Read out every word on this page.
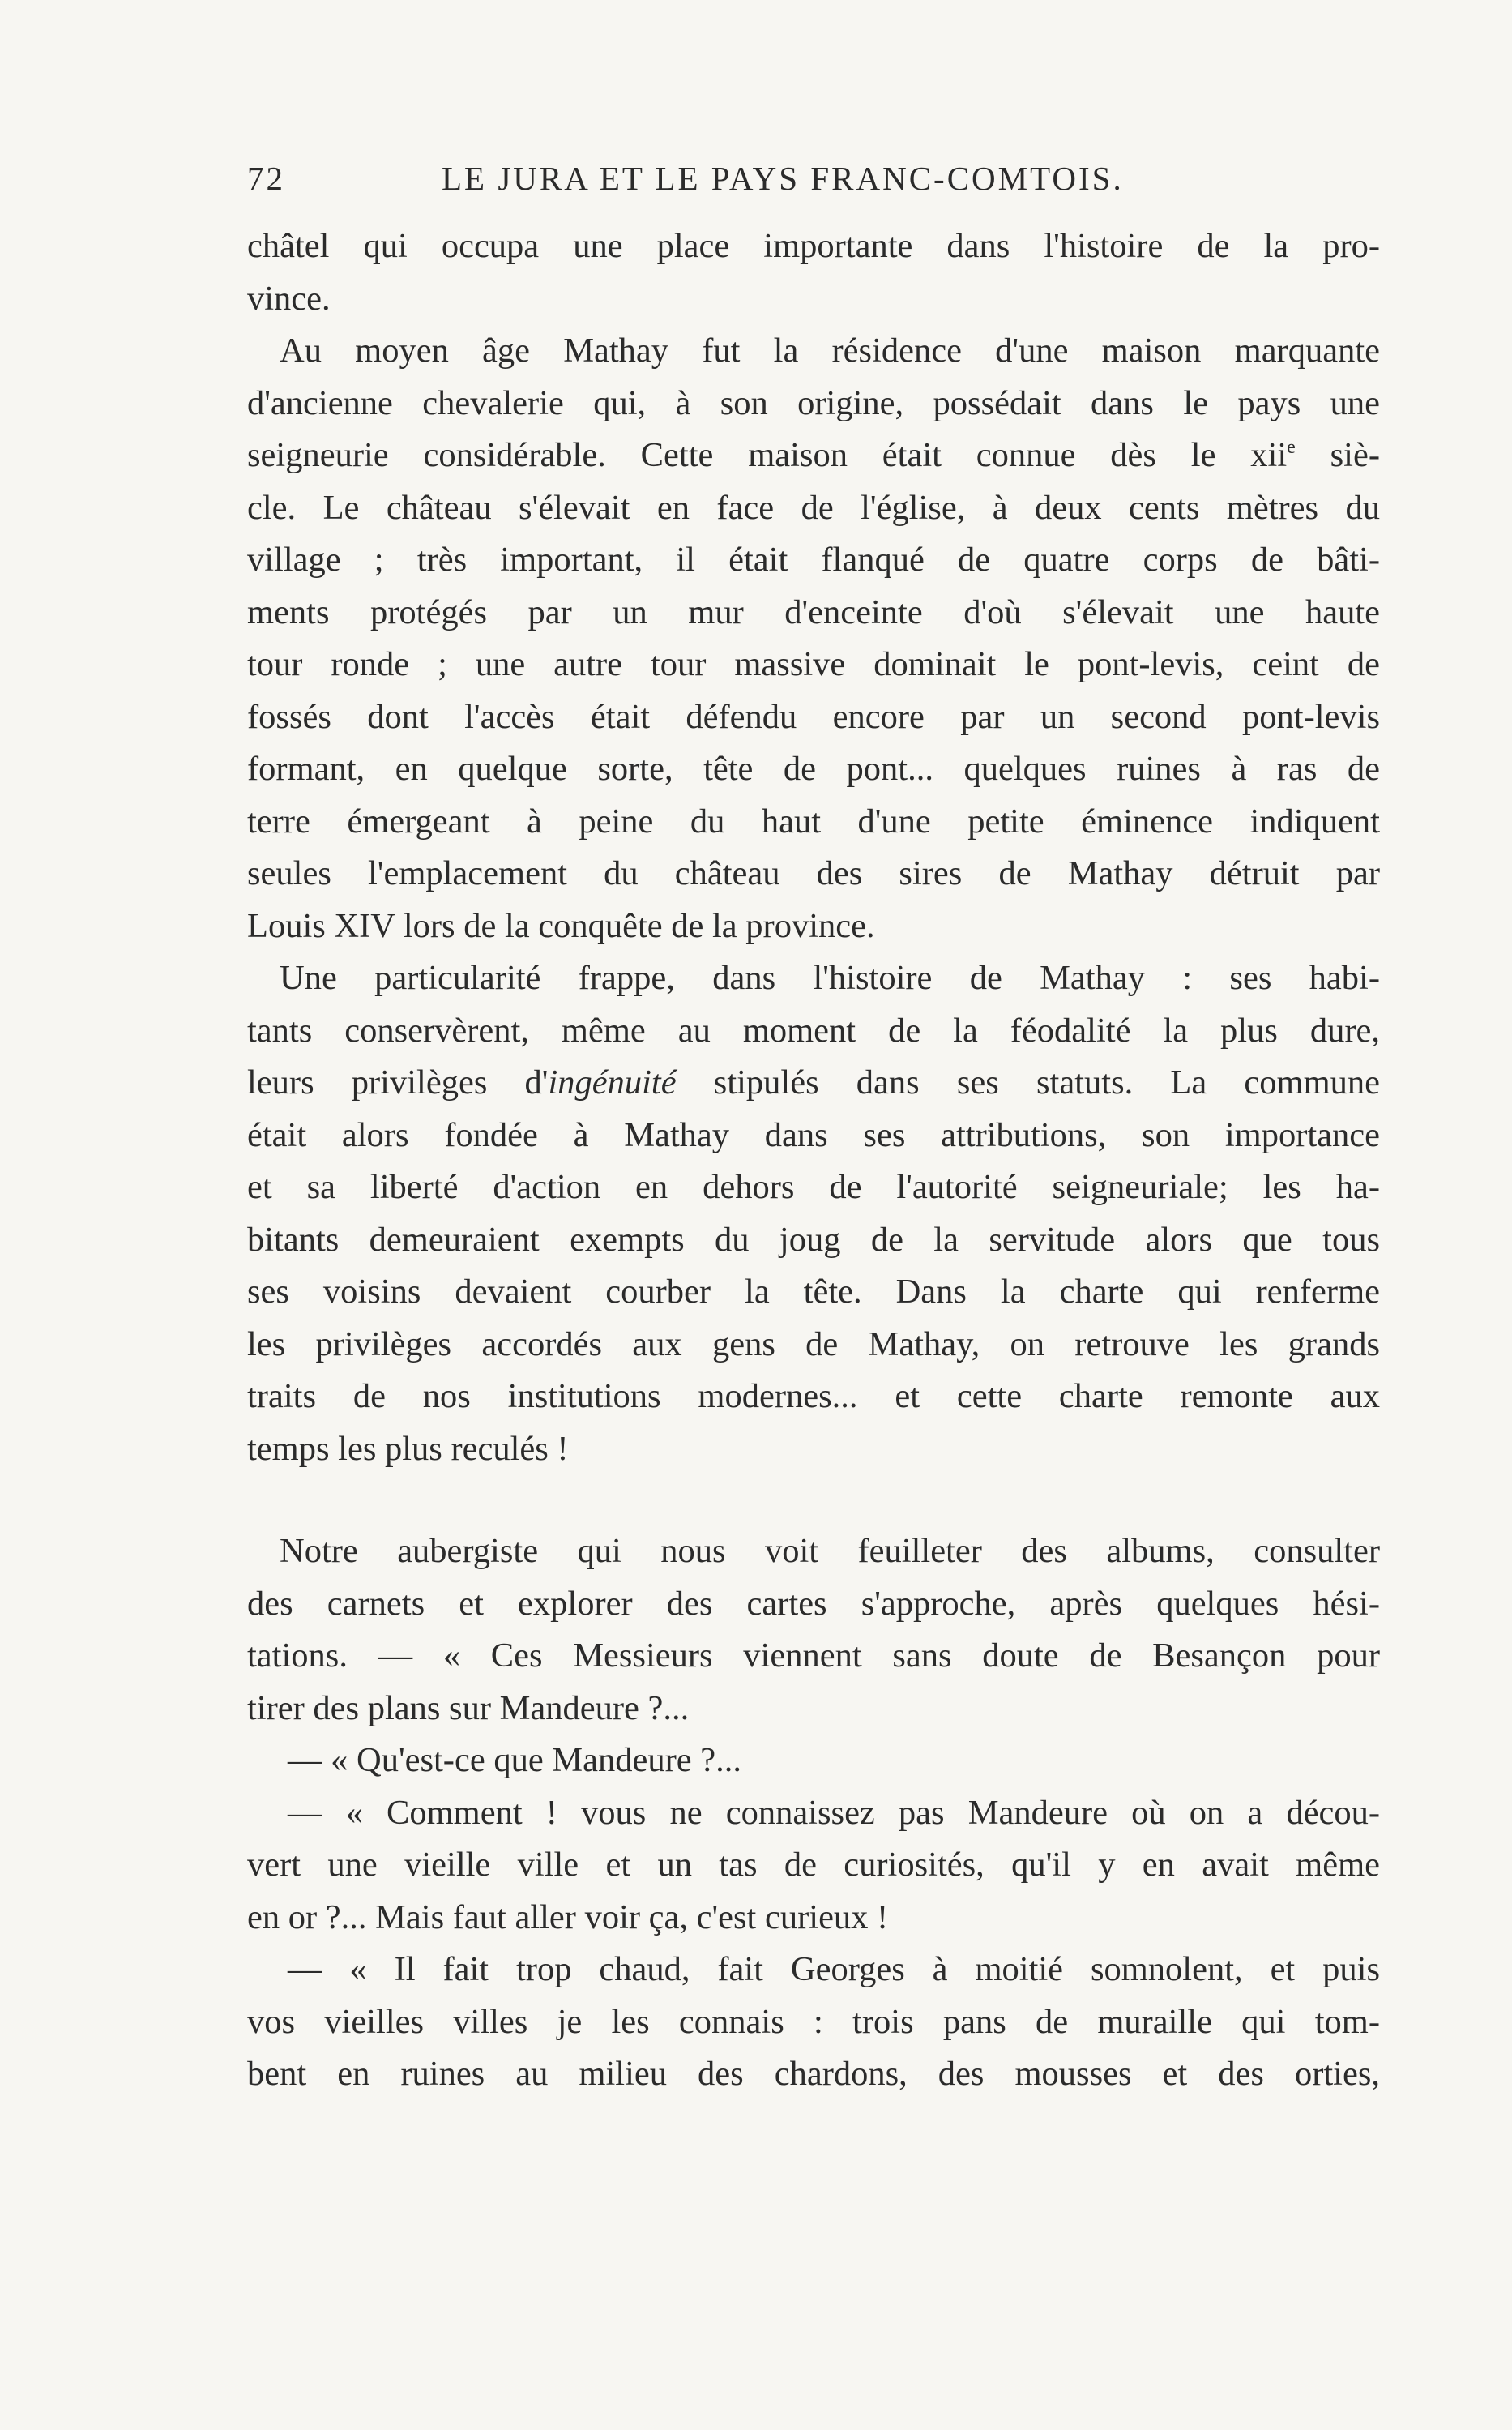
72	LE JURA ET LE PAYS FRANC-COMTOIS.
châtel qui occupa une place importante dans l'histoire de la pro-
vince.
Au moyen âge Mathay fut la résidence d'une maison marquante
d'ancienne chevalerie qui, à son origine, possédait dans le pays une
seigneurie considérable. Cette maison était connue dès le xii$^e$ siè-
cle. Le château s'élevait en face de l'église, à deux cents mètres du
village ; très important, il était flanqué de quatre corps de bâti-
ments protégés par un mur d'enceinte d'où s'élevait une haute
tour ronde ; une autre tour massive dominait le pont-levis, ceint de
fossés dont l'accès était défendu encore par un second pont-levis
formant, en quelque sorte, tête de pont... quelques ruines à ras de
terre émergeant à peine du haut d'une petite éminence indiquent
seules l'emplacement du château des sires de Mathay détruit par
Louis XIV lors de la conquête de la province.
Une particularité frappe, dans l'histoire de Mathay : ses habi-
tants conservèrent, même au moment de la féodalité la plus dure,
leurs privilèges d'ingénuité stipulés dans ses statuts. La commune
était alors fondée à Mathay dans ses attributions, son importance
et sa liberté d'action en dehors de l'autorité seigneuriale; les ha-
bitants demeuraient exempts du joug de la servitude alors que tous
ses voisins devaient courber la tête. Dans la charte qui renferme
les privilèges accordés aux gens de Mathay, on retrouve les grands
traits de nos institutions modernes... et cette charte remonte aux
temps les plus reculés !
Notre aubergiste qui nous voit feuilleter des albums, consulter
des carnets et explorer des cartes s'approche, après quelques hési-
tations. — « Ces Messieurs viennent sans doute de Besançon pour
tirer des plans sur Mandeure ?...
— « Qu'est-ce que Mandeure ?...
— « Comment ! vous ne connaissez pas Mandeure où on a décou-
vert une vieille ville et un tas de curiosités, qu'il y en avait même
en or ?... Mais faut aller voir ça, c'est curieux !
— « Il fait trop chaud, fait Georges à moitié somnolent, et puis
vos vieilles villes je les connais : trois pans de muraille qui tom-
bent en ruines au milieu des chardons, des mousses et des orties,
